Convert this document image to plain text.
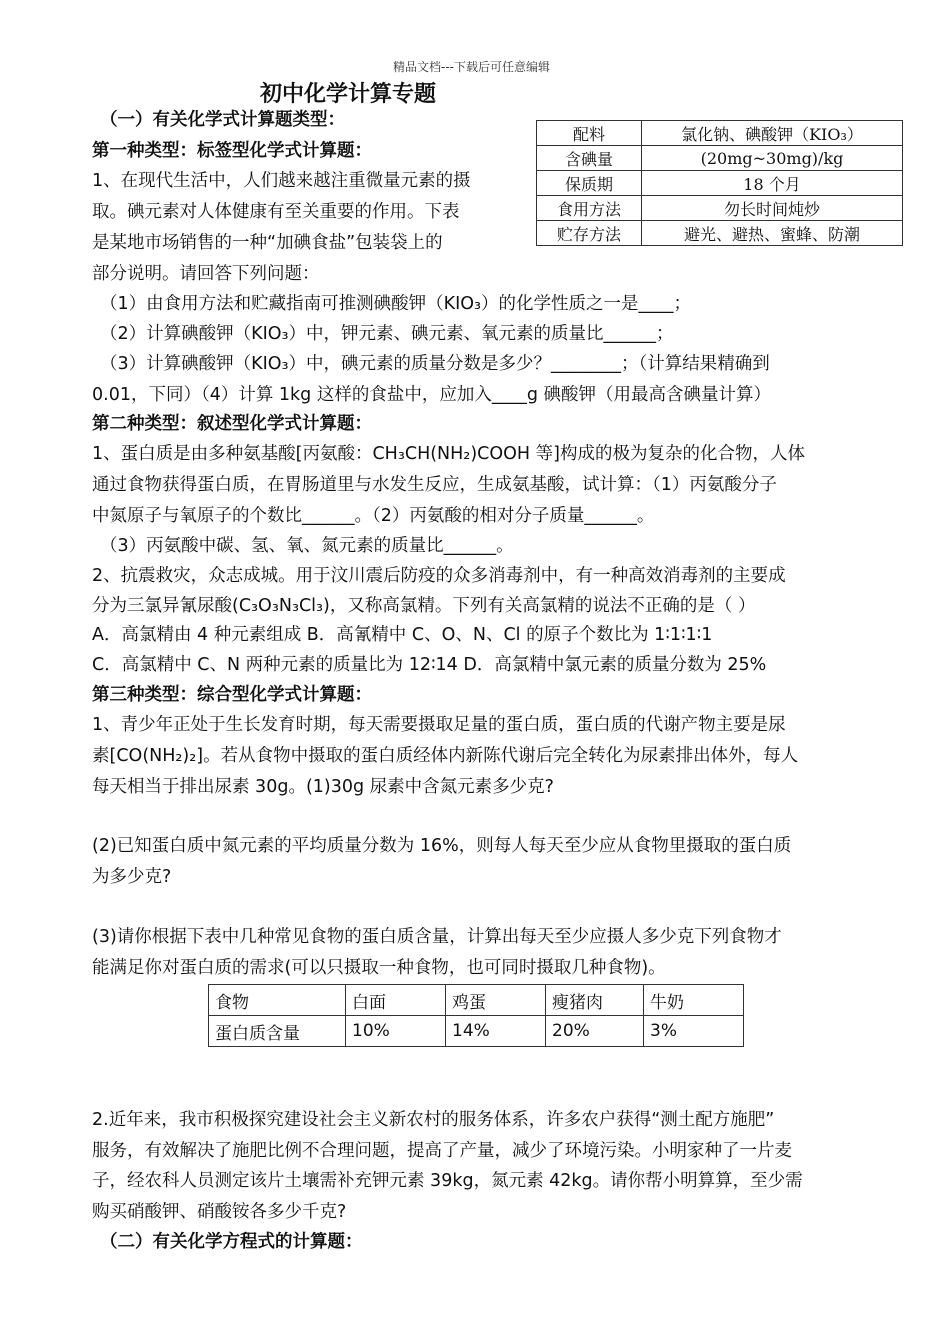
精品文档---下载后可任意编辑
初中化学计算专题
（一）有关化学式计算题类型：
第一种类型：标签型化学式计算题：
1、在现代生活中，人们越来越注重微量元素的摄
取。碘元素对人体健康有至关重要的作用。下表
是某地市场销售的一种“加碘食盐”包装袋上的
部分说明。请回答下列问题：
（1）由食用方法和贮藏指南可推测碘酸钾（KIO₃）的化学性质之一是____；
（2）计算碘酸钾（KIO₃）中，钾元素、碘元素、氧元素的质量比______；
（3）计算碘酸钾（KIO₃）中，碘元素的质量分数是多少？________；（计算结果精确到
0.01，下同）（4）计算 1kg 这样的食盐中，应加入____g 碘酸钾（用最高含碘量计算）
第二种类型：叙述型化学式计算题：
1、蛋白质是由多种氨基酸[丙氨酸：CH₃CH(NH₂)COOH 等]构成的极为复杂的化合物，人体
通过食物获得蛋白质，在胃肠道里与水发生反应，生成氨基酸，试计算：（1）丙氨酸分子
中氮原子与氧原子的个数比______。（2）丙氨酸的相对分子质量______。
（3）丙氨酸中碳、氢、氧、氮元素的质量比______。
2、抗震救灾，众志成城。用于汶川震后防疫的众多消毒剂中，有一种高效消毒剂的主要成
分为三氯异氰尿酸(C₃O₃N₃Cl₃)，又称高氯精。下列有关高氯精的说法不正确的是（ ）
A．高氯精由 4 种元素组成 B．高氰精中 C、O、N、Cl 的原子个数比为 1∶1∶1∶1
C．高氯精中 C、N 两种元素的质量比为 12∶14 D．高氯精中氯元素的质量分数为 25%
第三种类型：综合型化学式计算题：
1、青少年正处于生长发育时期，每天需要摄取足量的蛋白质，蛋白质的代谢产物主要是尿
素[CO(NH₂)₂]。若从食物中摄取的蛋白质经体内新陈代谢后完全转化为尿素排出体外，每人
每天相当于排出尿素 30g。(1)30g 尿素中含氮元素多少克?
(2)已知蛋白质中氮元素的平均质量分数为 16%，则每人每天至少应从食物里摄取的蛋白质
为多少克?
(3)请你根据下表中几种常见食物的蛋白质含量，计算出每天至少应摄人多少克下列食物才
能满足你对蛋白质的需求(可以只摄取一种食物，也可同时摄取几种食物)。
2.近年来，我市积极探究建设社会主义新农村的服务体系，许多农户获得“测土配方施肥”
服务，有效解决了施肥比例不合理问题，提高了产量，减少了环境污染。小明家种了一片麦
子，经农科人员测定该片土壤需补充钾元素 39kg，氮元素 42kg。请你帮小明算算，至少需
购买硝酸钾、硝酸铵各多少千克?
（二）有关化学方程式的计算题：
配料	氯化钠、碘酸钾（KIO₃）
含碘量	(20mg~30mg)/kg
保质期	18 个月
食用方法	勿长时间炖炒
贮存方法	避光、避热、蜜蜂、防潮
食物	白面	鸡蛋	瘦猪肉	牛奶
蛋白质含量	10%	14%	20%	3%
